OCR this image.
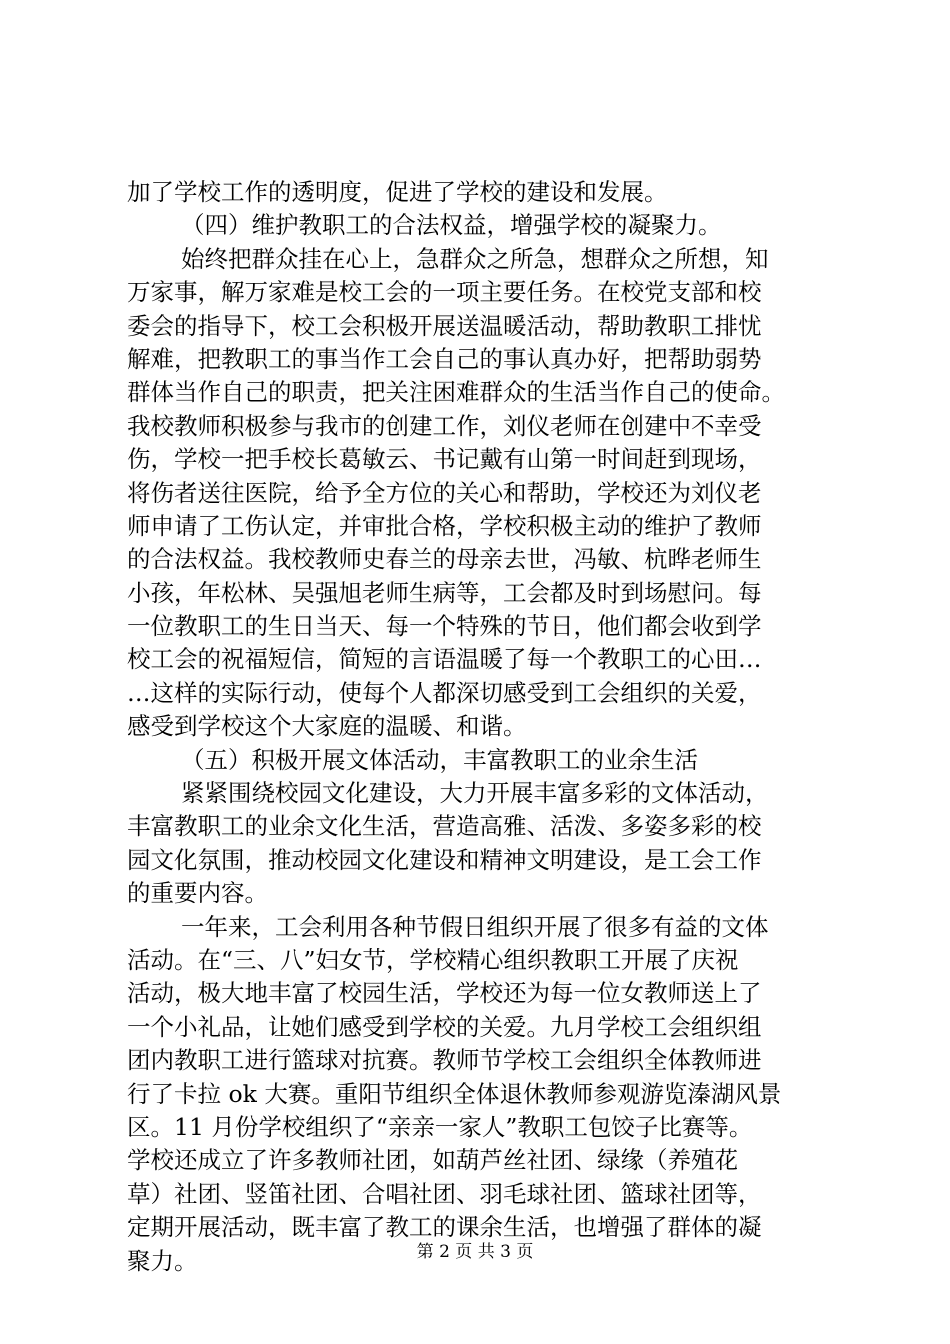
加了学校工作的透明度，促进了学校的建设和发展。
（四）维护教职工的合法权益，增强学校的凝聚力。
始终把群众挂在心上，急群众之所急，想群众之所想，知
万家事，解万家难是校工会的一项主要任务。在校党支部和校
委会的指导下，校工会积极开展送温暖活动，帮助教职工排忧
解难，把教职工的事当作工会自己的事认真办好，把帮助弱势
群体当作自己的职责，把关注困难群众的生活当作自己的使命。
我校教师积极参与我市的创建工作，刘仪老师在创建中不幸受
伤，学校一把手校长葛敏云、书记戴有山第一时间赶到现场，
将伤者送往医院，给予全方位的关心和帮助，学校还为刘仪老
师申请了工伤认定，并审批合格，学校积极主动的维护了教师
的合法权益。我校教师史春兰的母亲去世，冯敏、杭晔老师生
小孩，年松林、吴强旭老师生病等，工会都及时到场慰问。每
一位教职工的生日当天、每一个特殊的节日，他们都会收到学
校工会的祝福短信，简短的言语温暖了每一个教职工的心田…
…这样的实际行动，使每个人都深切感受到工会组织的关爱，
感受到学校这个大家庭的温暖、和谐。
（五）积极开展文体活动，丰富教职工的业余生活
紧紧围绕校园文化建设，大力开展丰富多彩的文体活动，
丰富教职工的业余文化生活，营造高雅、活泼、多姿多彩的校
园文化氛围，推动校园文化建设和精神文明建设，是工会工作
的重要内容。
一年来，工会利用各种节假日组织开展了很多有益的文体
活动。在“三、八”妇女节，学校精心组织教职工开展了庆祝
活动，极大地丰富了校园生活，学校还为每一位女教师送上了
一个小礼品，让她们感受到学校的关爱。九月学校工会组织组
团内教职工进行篮球对抗赛。教师节学校工会组织全体教师进
行了卡拉 ok 大赛。重阳节组织全体退休教师参观游览溱湖风景
区。11 月份学校组织了“亲亲一家人”教职工包饺子比赛等。
学校还成立了许多教师社团，如葫芦丝社团、绿缘（养殖花
草）社团、竖笛社团、合唱社团、羽毛球社团、篮球社团等，
定期开展活动，既丰富了教工的课余生活，也增强了群体的凝
聚力。	第 2 页 共 3 页
